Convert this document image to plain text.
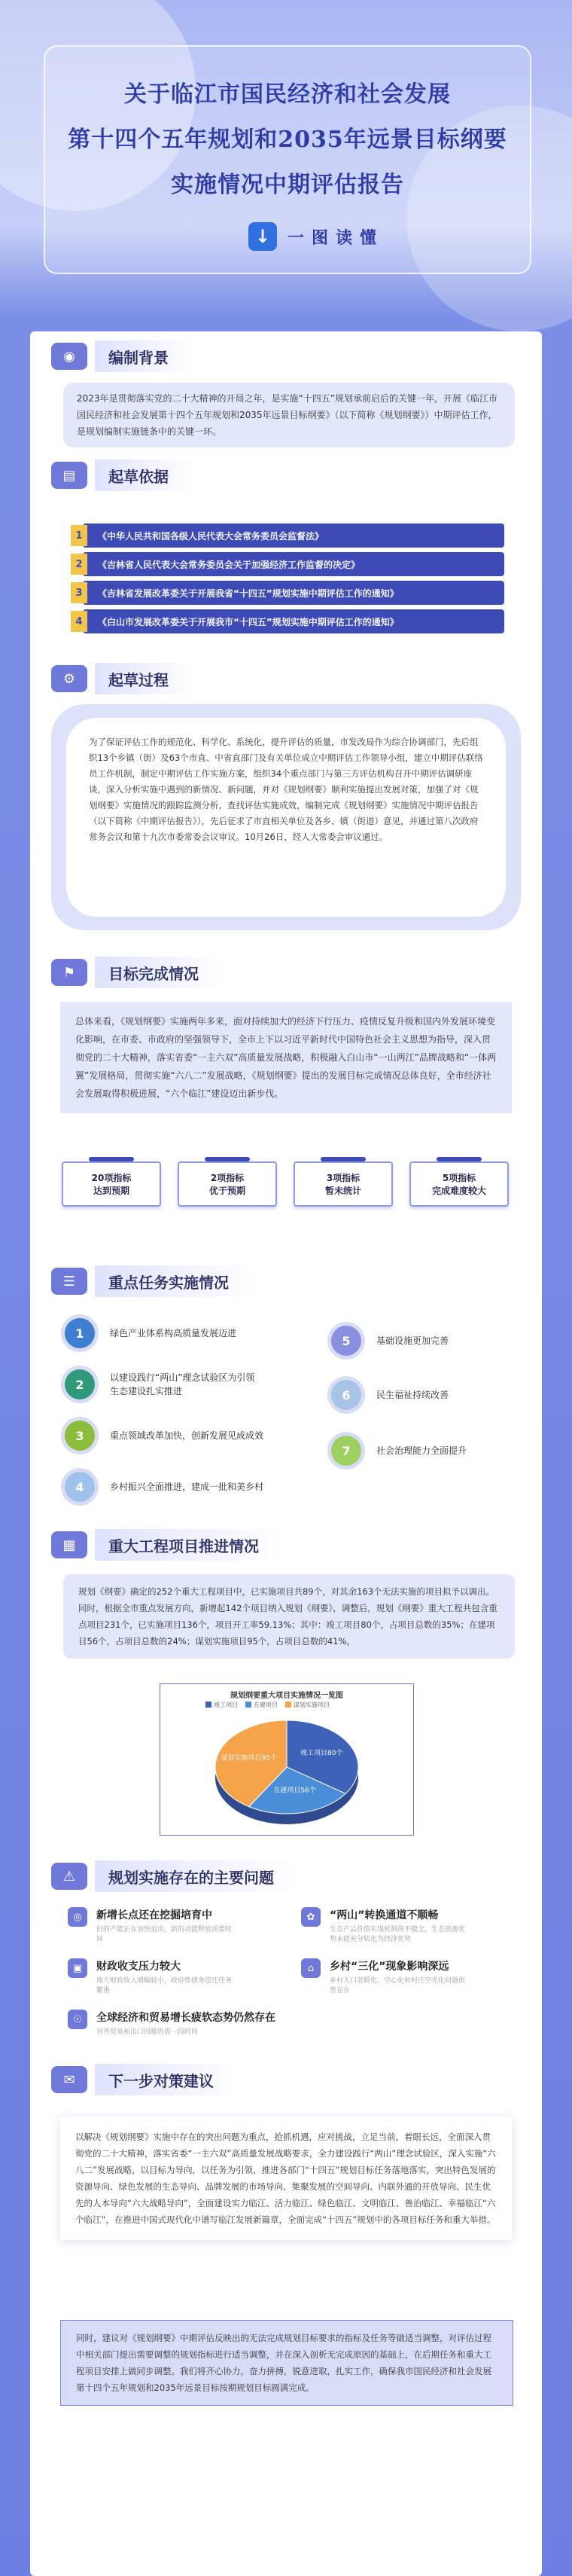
关于临江市国民经济和社会发展
第十四个五年规划和2035年远景目标纲要
实施情况中期评估报告
↓	一图读懂
◉	编制背景
2023年是贯彻落实党的二十大精神的开局之年，是实施“十四五”规划承前启后的关键一年，开展《临江市国民经济和社会发展第十四个五年规划和2035年远景目标纲要》（以下简称《规划纲要》）中期评估工作，是规划编制实施链条中的关键一环。
▤	起草依据
1	《中华人民共和国各级人民代表大会常务委员会监督法》
2	《吉林省人民代表大会常务委员会关于加强经济工作监督的决定》
3	《吉林省发展改革委关于开展我省“十四五”规划实施中期评估工作的通知》
4	《白山市发展改革委关于开展我市“十四五”规划实施中期评估工作的通知》
⚙	起草过程
为了保证评估工作的规范化、科学化、系统化，提升评估的质量，市发改局作为综合协调部门，先后组织13个乡镇（街）及63个市直、中省直部门及有关单位成立中期评估工作领导小组，建立中期评估联络员工作机制，制定中期评估工作实施方案，组织34个重点部门与第三方评估机构召开中期评估调研座谈，深入分析实施中遇到的新情况、新问题，并对《规划纲要》顺利实施提出发展对策，加强了对《规划纲要》实施情况的跟踪监测分析，查找评估实施成效，编制完成《规划纲要》实施情况中期评估报告（以下简称《中期评估报告》），先后征求了市直相关单位及各乡、镇（街道）意见，并通过第八次政府常务会议和第十九次市委常委会议审议。10月26日，经人大常委会审议通过。
⚑	目标完成情况
总体来看，《规划纲要》实施两年多来，面对持续加大的经济下行压力、疫情反复升级和国内外发展环境变化影响，在市委、市政府的坚强领导下，全市上下以习近平新时代中国特色社会主义思想为指导，深入贯彻党的二十大精神，落实省委“一主六双”高质量发展战略，积极融入白山市“一山两江”品牌战略和“一体两翼”发展格局，贯彻实施“六八二”发展战略，《规划纲要》提出的发展目标完成情况总体良好，全市经济社会发展取得积极进展，“六个临江”建设迈出新步伐。
20项指标
达到预期
2项指标
优于预期
3项指标
暂未统计
5项指标
完成难度较大
☰	重点任务实施情况
1	绿色产业体系构高质量发展迈进
2	以建设践行“两山”理念试验区为引领
生态建设扎实推进
3	重点领域改革加快，创新发展见成成效
4	乡村振兴全面推进，建成一批和美乡村
5	基础设施更加完善
6	民生福祉持续改善
7	社会治理能力全面提升
▦	重大工程项目推进情况
规划《纲要》确定的252个重大工程项目中，已实施项目共89个，对其余163个无法实施的项目拟予以调出。同时，根据全市重点发展方向，新增起142个项目纳入规划《纲要》，调整后，规划《纲要》重大工程共包含重点项目231个，已实施项目136个，项目开工率59.13%；其中：竣工项目80个，占项目总数的35%；在建项目56个，占项目总数的24%；谋划实施项目95个，占项目总数的41%。
规划纲要重大项目实施情况一览图
竣工项目	在建项目	谋划实施项目
竣工项目80个
在建项目56个
谋划实施项目95个
⚠	规划实施存在的主要问题
◎	新增长点还在挖掘培育中
旧的产能正在加快退出，新的动能释放需要时间
▣	财政收支压力较大
地方财政收入增幅较小，政府性债务偿还任务繁重
☉	全球经济和贸易增长疲软态势仍然存在
对外贸易和出口回暖仍需一段时间
✿	“两山”转换通道不顺畅
生态产品价值实现机制尚不健全，生态资源优势未能充分转化为经济优势
⌂	乡村“三化”现象影响深远
乡村人口老龄化、空心化和村庄空壳化问题依然存在
✉	下一步对策建议
以解决《规划纲要》实施中存在的突出问题为重点，抢抓机遇，应对挑战，立足当前，着眼长远，全面深入贯彻党的二十大精神，落实省委“一主六双”高质量发展战略要求，全力建设践行“两山”理念试验区，深入实施“六八二”发展战略，以目标为导向，以任务为引领，推进各部门“十四五”规划目标任务落地落实，突出特色发展的资源导向、绿色发展的生态导向、品牌发展的市场导向、集聚发展的空间导向、内联外通的开放导向、民生优先的人本导向“六大战略导向”，全面建设实力临江、活力临江、绿色临江、文明临江、善治临江、幸福临江“六个临江”，在推进中国式现代化中谱写临江发展新篇章，全面完成“十四五”规划中的各项目标任务和重大举措。
同时，建议对《规划纲要》中期评估反映出的无法完成规划目标要求的指标及任务等做适当调整，对评估过程中相关部门提出需要调整的规划指标进行适当调整，并在深入剖析无完成原因的基础上，在后期任务和重大工程项目安排上做同步调整。我们将齐心协力，奋力拼搏，锐意进取，扎实工作，确保我市国民经济和社会发展第十四个五年规划和2035年远景目标按期规划目标圆满完成。
